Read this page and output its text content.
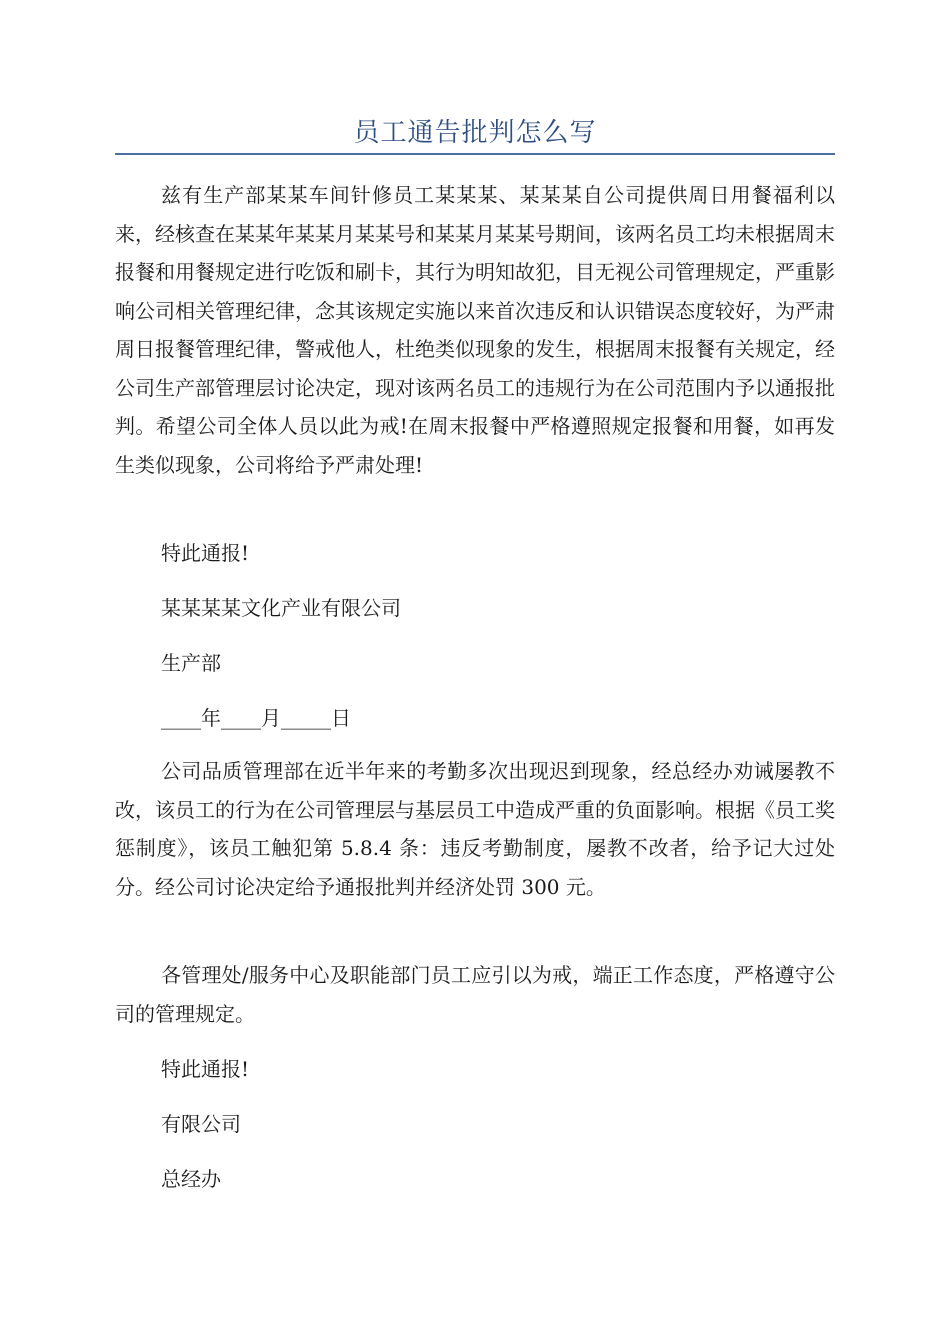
员工通告批判怎么写
兹有生产部某某车间针修员工某某某、某某某自公司提供周日用餐福利以来，经核查在某某年某某月某某号和某某月某某号期间，该两名员工均未根据周末报餐和用餐规定进行吃饭和刷卡，其行为明知故犯，目无视公司管理规定，严重影响公司相关管理纪律，念其该规定实施以来首次违反和认识错误态度较好，为严肃周日报餐管理纪律，警戒他人，杜绝类似现象的发生，根据周末报餐有关规定，经公司生产部管理层讨论决定，现对该两名员工的违规行为在公司范围内予以通报批判。希望公司全体人员以此为戒!在周末报餐中严格遵照规定报餐和用餐，如再发生类似现象，公司将给予严肃处理!
特此通报!
某某某某文化产业有限公司
生产部
____年____月_____日
公司品质管理部在近半年来的考勤多次出现迟到现象，经总经办劝诫屡教不改，该员工的行为在公司管理层与基层员工中造成严重的负面影响。根据《员工奖惩制度》，该员工触犯第 5.8.4 条：违反考勤制度，屡教不改者，给予记大过处分。经公司讨论决定给予通报批判并经济处罚 300 元。
各管理处/服务中心及职能部门员工应引以为戒，端正工作态度，严格遵守公司的管理规定。
特此通报!
有限公司
总经办
